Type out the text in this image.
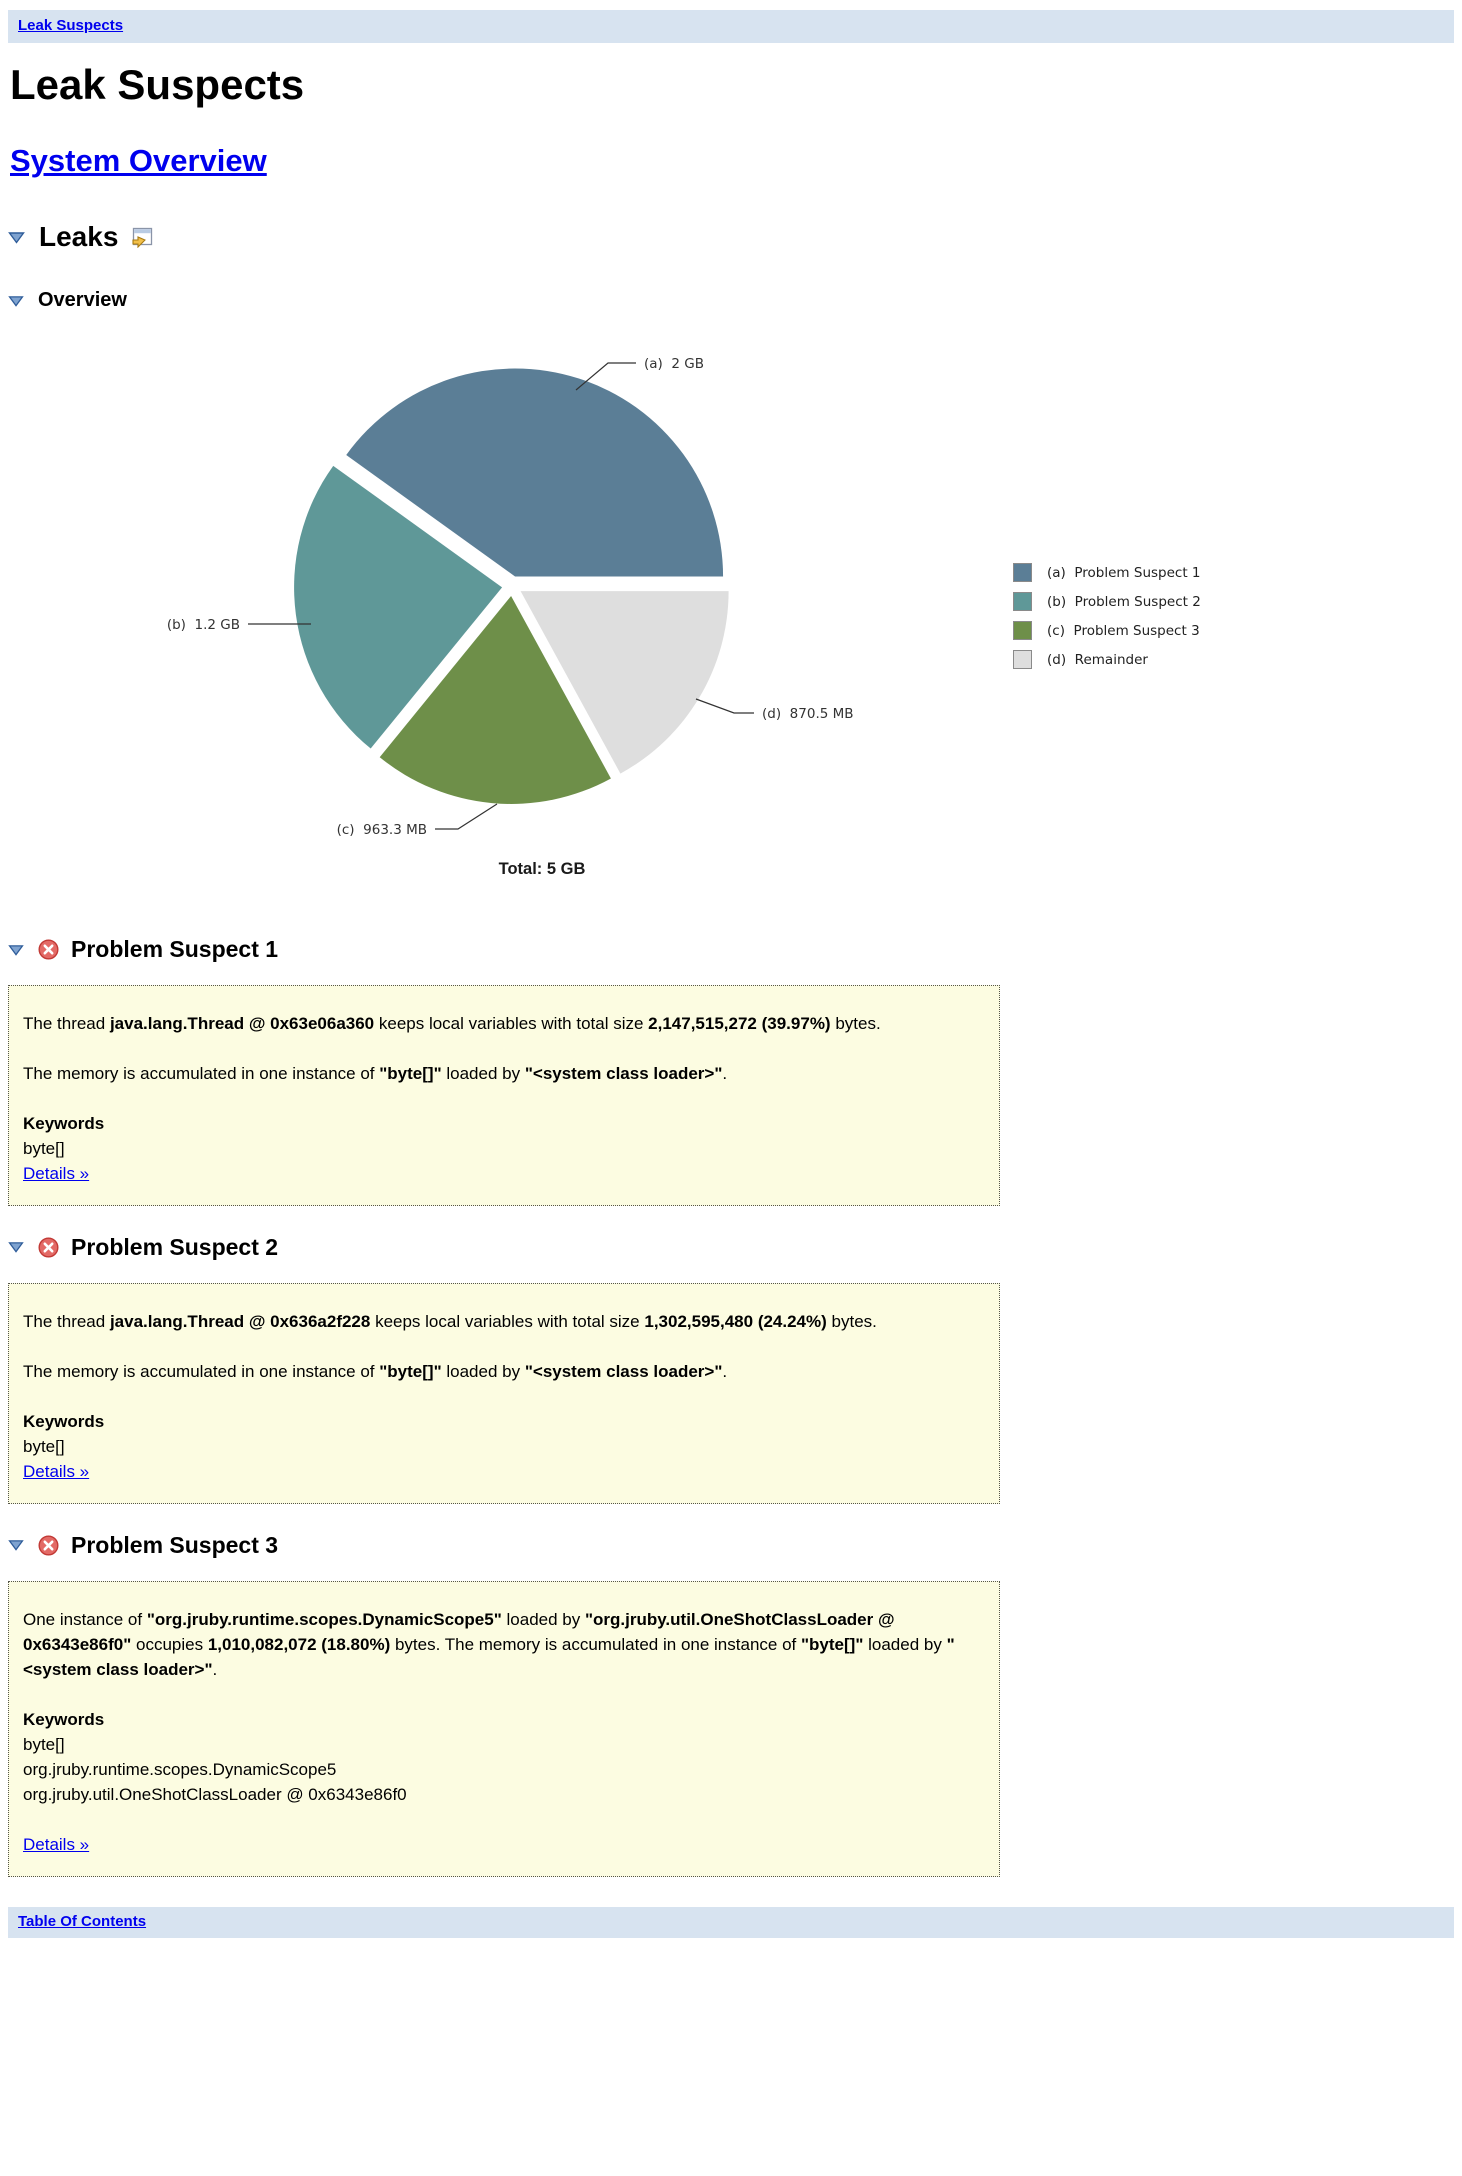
Leak Suspects
Leak Suspects
System Overview
Leaks
Overview
(a)  2 GB
(b)  1.2 GB
(c)  963.3 MB
(d)  870.5 MB
Total: 5 GB
(a)  Problem Suspect 1
(b)  Problem Suspect 2
(c)  Problem Suspect 3
(d)  Remainder
Problem Suspect 1

The thread java.lang.Thread @ 0x63e06a360 keeps local variables with total size 2,147,515,272 (39.97%) bytes.

The memory is accumulated in one instance of "byte[]" loaded by "<system class loader>".

Keywords
byte[]
Details »
Problem Suspect 2

The thread java.lang.Thread @ 0x636a2f228 keeps local variables with total size 1,302,595,480 (24.24%) bytes.

The memory is accumulated in one instance of "byte[]" loaded by "<system class loader>".

Keywords
byte[]
Details »
Problem Suspect 3

One instance of "org.jruby.runtime.scopes.DynamicScope5" loaded by "org.jruby.util.OneShotClassLoader @ 0x6343e86f0" occupies 1,010,082,072 (18.80%) bytes. The memory is accumulated in one instance of "byte[]" loaded by "<system class loader>".

Keywords
byte[]
org.jruby.runtime.scopes.DynamicScope5
org.jruby.util.OneShotClassLoader @ 0x6343e86f0
Details »
Table Of Contents
